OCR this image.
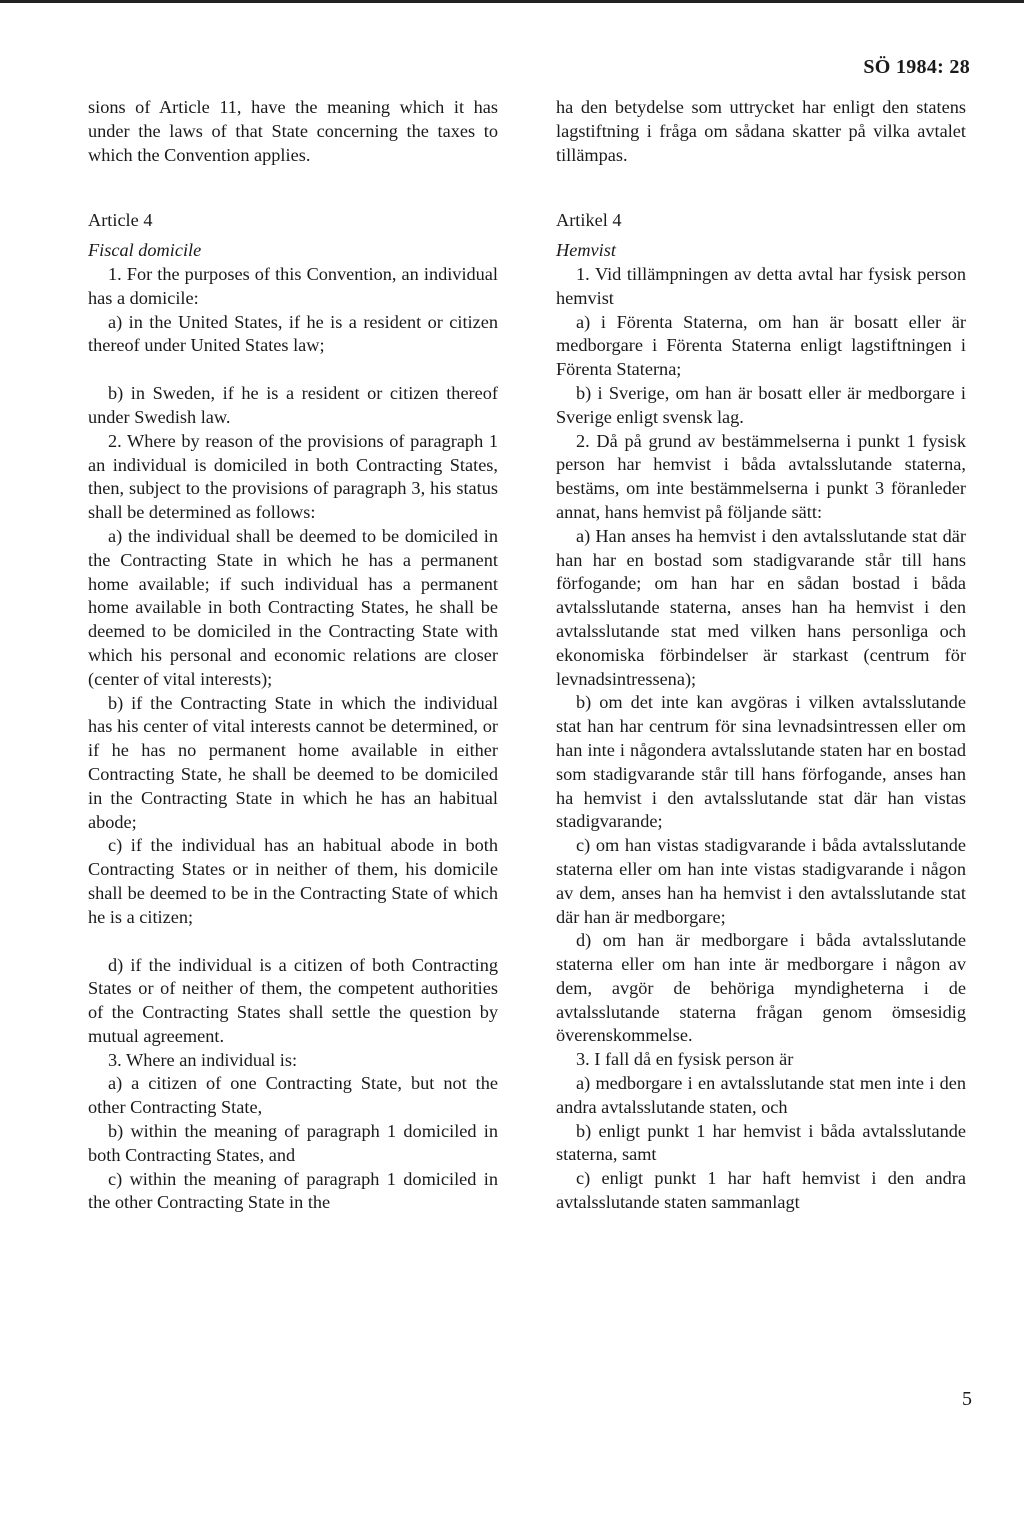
SÖ 1984: 28

sions of Article 11, have the meaning which it has under the laws of that State concerning the taxes to which the Convention applies.

Article 4

Fiscal domicile

1. For the purposes of this Convention, an individual has a domicile:

a) in the United States, if he is a resident or citizen thereof under United States law;

b) in Sweden, if he is a resident or citizen thereof under Swedish law.

2. Where by reason of the provisions of paragraph 1 an individual is domiciled in both Contracting States, then, subject to the provisions of paragraph 3, his status shall be determined as follows:

a) the individual shall be deemed to be domiciled in the Contracting State in which he has a permanent home available; if such individual has a permanent home available in both Contracting States, he shall be deemed to be domiciled in the Contracting State with which his personal and economic relations are closer (center of vital interests);

b) if the Contracting State in which the individual has his center of vital interests cannot be determined, or if he has no permanent home available in either Contracting State, he shall be deemed to be domiciled in the Contracting State in which he has an habitual abode;

c) if the individual has an habitual abode in both Contracting States or in neither of them, his domicile shall be deemed to be in the Contracting State of which he is a citizen;

d) if the individual is a citizen of both Contracting States or of neither of them, the competent authorities of the Contracting States shall settle the question by mutual agreement.

3. Where an individual is:

a) a citizen of one Contracting State, but not the other Contracting State,

b) within the meaning of paragraph 1 domiciled in both Contracting States, and

c) within the meaning of paragraph 1 domiciled in the other Contracting State in the

ha den betydelse som uttrycket har enligt den statens lagstiftning i fråga om sådana skatter på vilka avtalet tillämpas.

Artikel 4

Hemvist

1. Vid tillämpningen av detta avtal har fysisk person hemvist

a) i Förenta Staterna, om han är bosatt eller är medborgare i Förenta Staterna enligt lagstiftningen i Förenta Staterna;

b) i Sverige, om han är bosatt eller är medborgare i Sverige enligt svensk lag.

2. Då på grund av bestämmelserna i punkt 1 fysisk person har hemvist i båda avtalsslutande staterna, bestäms, om inte bestämmelserna i punkt 3 föranleder annat, hans hemvist på följande sätt:

a) Han anses ha hemvist i den avtalsslutande stat där han har en bostad som stadigvarande står till hans förfogande; om han har en sådan bostad i båda avtalsslutande staterna, anses han ha hemvist i den avtalsslutande stat med vilken hans personliga och ekonomiska förbindelser är starkast (centrum för levnadsintressena);

b) om det inte kan avgöras i vilken avtalsslutande stat han har centrum för sina levnadsintressen eller om han inte i någondera avtalsslutande staten har en bostad som stadigvarande står till hans förfogande, anses han ha hemvist i den avtalsslutande stat där han vistas stadigvarande;

c) om han vistas stadigvarande i båda avtalsslutande staterna eller om han inte vistas stadigvarande i någon av dem, anses han ha hemvist i den avtalsslutande stat där han är medborgare;

d) om han är medborgare i båda avtalsslutande staterna eller om han inte är medborgare i någon av dem, avgör de behöriga myndigheterna i de avtalsslutande staterna frågan genom ömsesidig överenskommelse.

3. I fall då en fysisk person är

a) medborgare i en avtalsslutande stat men inte i den andra avtalsslutande staten, och

b) enligt punkt 1 har hemvist i båda avtalsslutande staterna, samt

c) enligt punkt 1 har haft hemvist i den andra avtalsslutande staten sammanlagt

5
